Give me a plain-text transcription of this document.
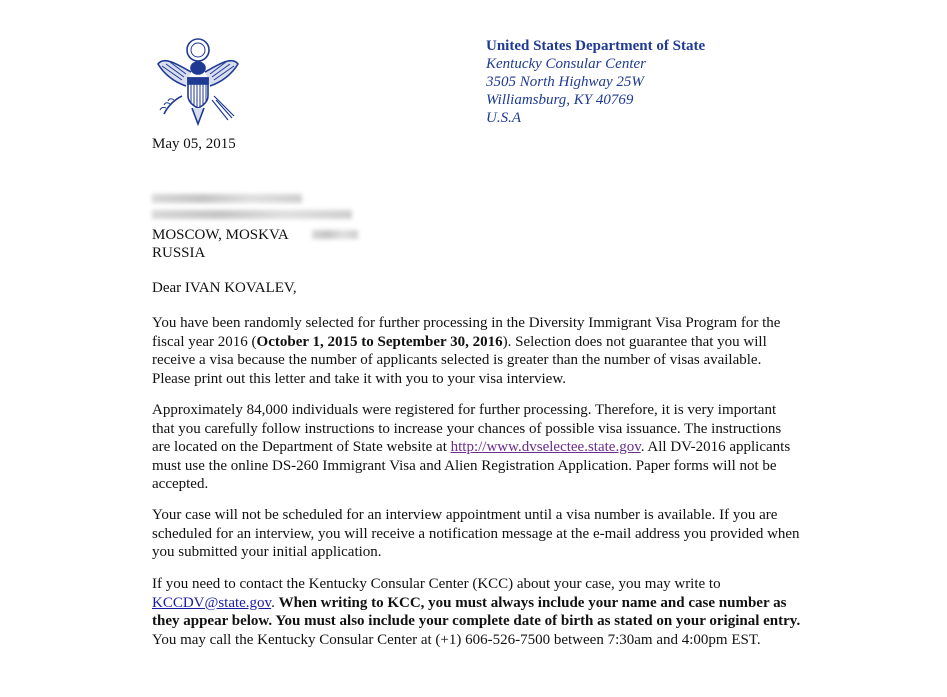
United States Department of State
Kentucky Consular Center
3505 North Highway 25W
Williamsburg, KY 40769
U.S.A
May 05, 2015
MOSCOW, MOSKVA
RUSSIA
Dear IVAN KOVALEV,
You have been randomly selected for further processing in the Diversity Immigrant Visa Program for the fiscal year 2016 (October 1, 2015 to September 30, 2016). Selection does not guarantee that you will receive a visa because the number of applicants selected is greater than the number of visas available. Please print out this letter and take it with you to your visa interview.
Approximately 84,000 individuals were registered for further processing. Therefore, it is very important that you carefully follow instructions to increase your chances of possible visa issuance. The instructions are located on the Department of State website at http://www.dvselectee.state.gov. All DV-2016 applicants must use the online DS-260 Immigrant Visa and Alien Registration Application. Paper forms will not be accepted.
Your case will not be scheduled for an interview appointment until a visa number is available. If you are scheduled for an interview, you will receive a notification message at the e-mail address you provided when you submitted your initial application.
If you need to contact the Kentucky Consular Center (KCC) about your case, you may write to KCCDV@state.gov. When writing to KCC, you must always include your name and case number as they appear below. You must also include your complete date of birth as stated on your original entry. You may call the Kentucky Consular Center at (+1) 606-526-7500 between 7:30am and 4:00pm EST.
